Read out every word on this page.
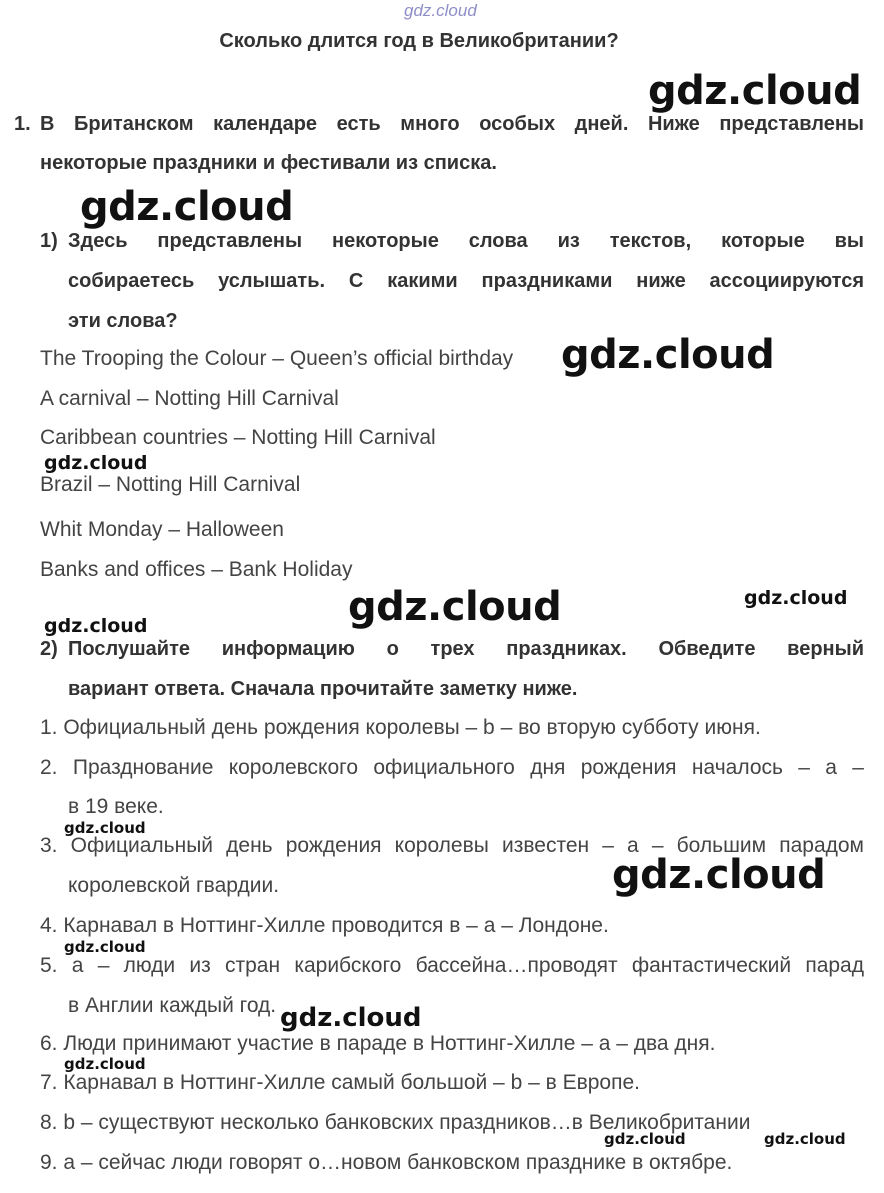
gdz.cloud
Сколько длится год в Великобритании?
1. В Британском календаре есть много особых дней. Ниже представлены
некоторые праздники и фестивали из списка.
1) Здесь представлены некоторые слова из текстов, которые вы
собираетесь услышать. С какими праздниками ниже ассоциируются
эти слова?
The Trooping the Colour – Queen’s official birthday
A carnival – Notting Hill Carnival
Caribbean countries – Notting Hill Carnival
Brazil – Notting Hill Carnival
Whit Monday – Halloween
Banks and offices – Bank Holiday
2) Послушайте информацию о трех праздниках. Обведите верный
вариант ответа. Сначала прочитайте заметку ниже.
1. Официальный день рождения королевы – b – во вторую субботу июня.
2. Празднование королевского официального дня рождения началось – a –
в 19 веке.
3. Официальный день рождения королевы известен – a – большим парадом
королевской гвардии.
4. Карнавал в Ноттинг-Хилле проводится в – a – Лондоне.
5. a – люди из стран карибского бассейна…проводят фантастический парад
в Англии каждый год.
6. Люди принимают участие в параде в Ноттинг-Хилле – a – два дня.
7. Карнавал в Ноттинг-Хилле самый большой – b – в Европе.
8. b – существуют несколько банковских праздников…в Великобритании
9. a – сейчас люди говорят о…новом банковском празднике в октябре.
gdz.cloud
gdz.cloud
gdz.cloud
gdz.cloud
gdz.cloud	gdz.cloud
gdz.cloud
gdz.cloud
gdz.cloud
gdz.cloud
gdz.cloud
gdz.cloud
gdz.cloud	gdz.cloud
